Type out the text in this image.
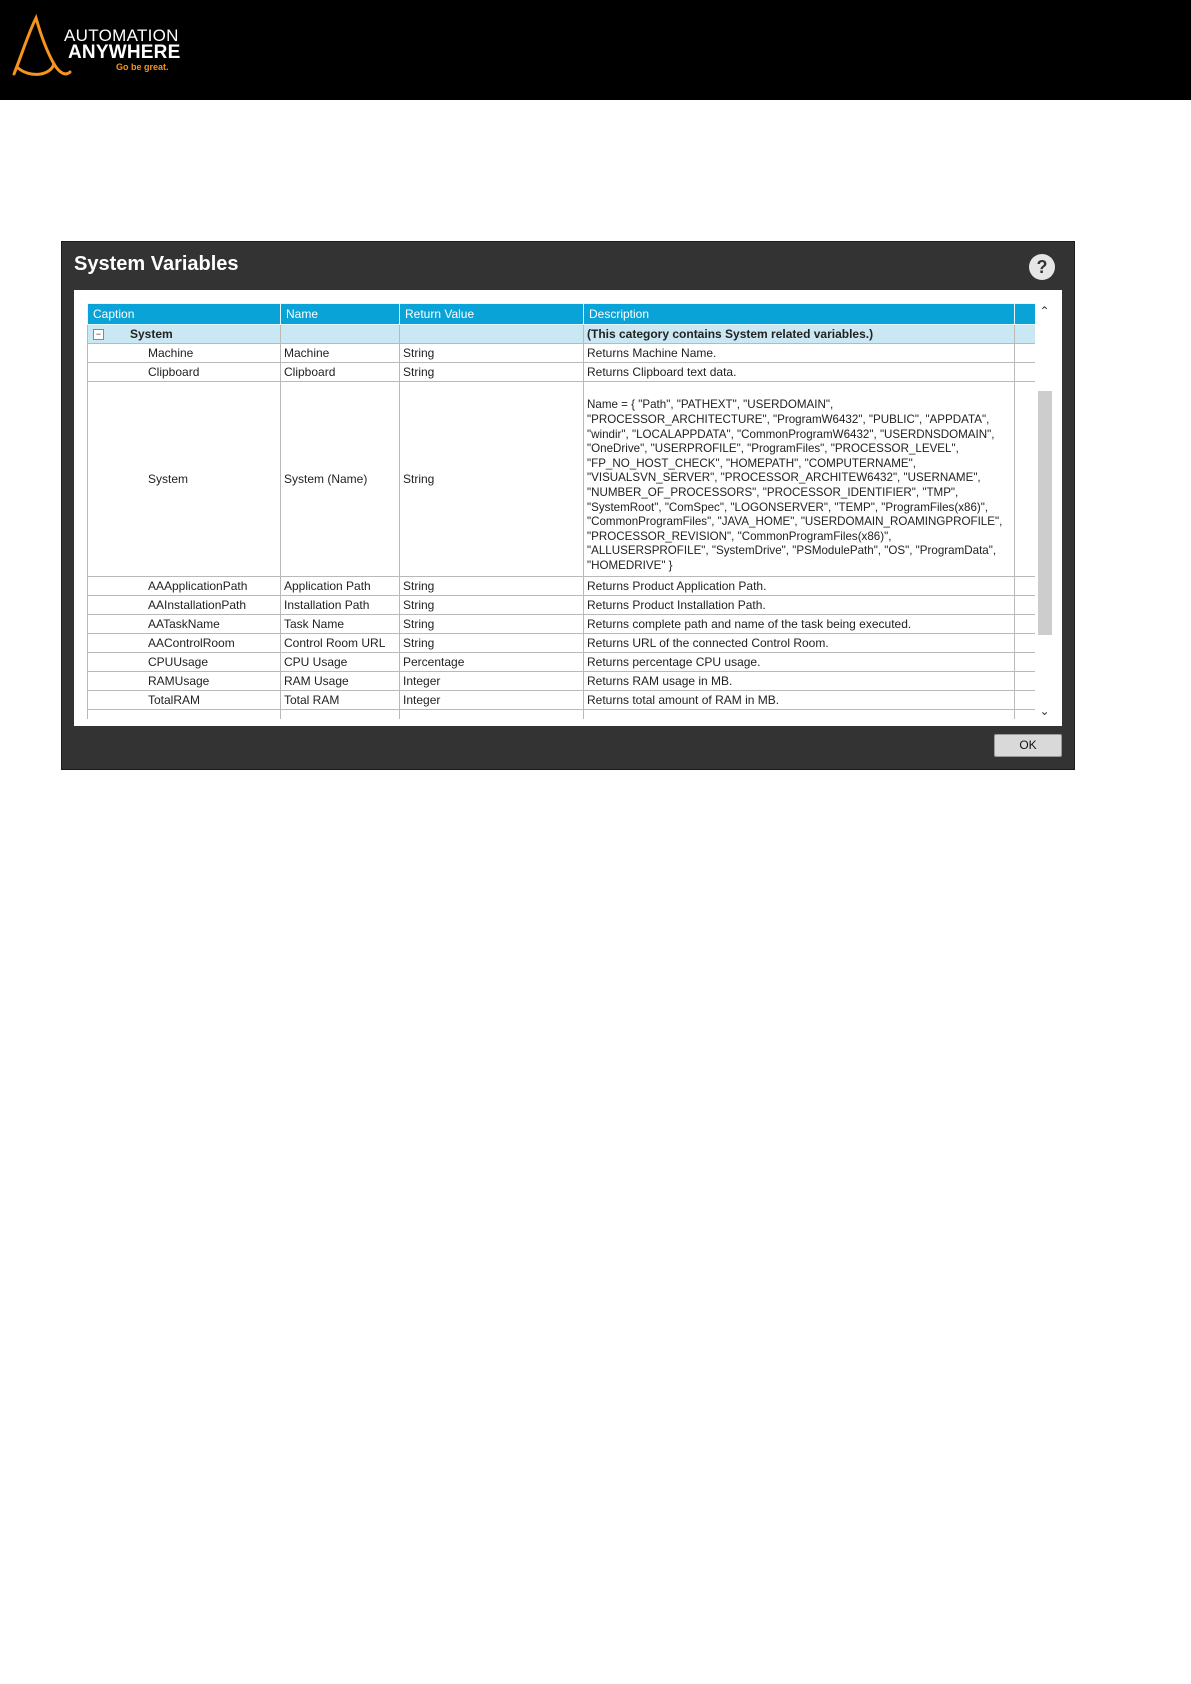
AUTOMATION
ANYWHERE
Go be great.
System Variables	?
Caption	Name	Return Value	Description	
− System			(This category contains System related variables.)	
Machine	Machine	String	Returns Machine Name.	
Clipboard	Clipboard	String	Returns Clipboard text data.	
System	System (Name)	String	Name = { "Path", "PATHEXT", "USERDOMAIN", "PROCESSOR_ARCHITECTURE", "ProgramW6432", "PUBLIC", "APPDATA", "windir", "LOCALAPPDATA", "CommonProgramW6432", "USERDNSDOMAIN", "OneDrive", "USERPROFILE", "ProgramFiles", "PROCESSOR_LEVEL", "FP_NO_HOST_CHECK", "HOMEPATH", "COMPUTERNAME", "VISUALSVN_SERVER", "PROCESSOR_ARCHITEW6432", "USERNAME", "NUMBER_OF_PROCESSORS", "PROCESSOR_IDENTIFIER", "TMP", "SystemRoot", "ComSpec", "LOGONSERVER", "TEMP", "ProgramFiles(x86)", "CommonProgramFiles", "JAVA_HOME", "USERDOMAIN_ROAMINGPROFILE", "PROCESSOR_REVISION", "CommonProgramFiles(x86)", "ALLUSERSPROFILE", "SystemDrive", "PSModulePath", "OS", "ProgramData", "HOMEDRIVE" }	
AAApplicationPath	Application Path	String	Returns Product Application Path.	
AAInstallationPath	Installation Path	String	Returns Product Installation Path.	
AATaskName	Task Name	String	Returns complete path and name of the task being executed.	
AAControlRoom	Control Room URL	String	Returns URL of the connected Control Room.	
CPUUsage	CPU Usage	Percentage	Returns percentage CPU usage.	
RAMUsage	RAM Usage	Integer	Returns RAM usage in MB.	
TotalRAM	Total RAM	Integer	Returns total amount of RAM in MB.	

⌃
⌄
OK
